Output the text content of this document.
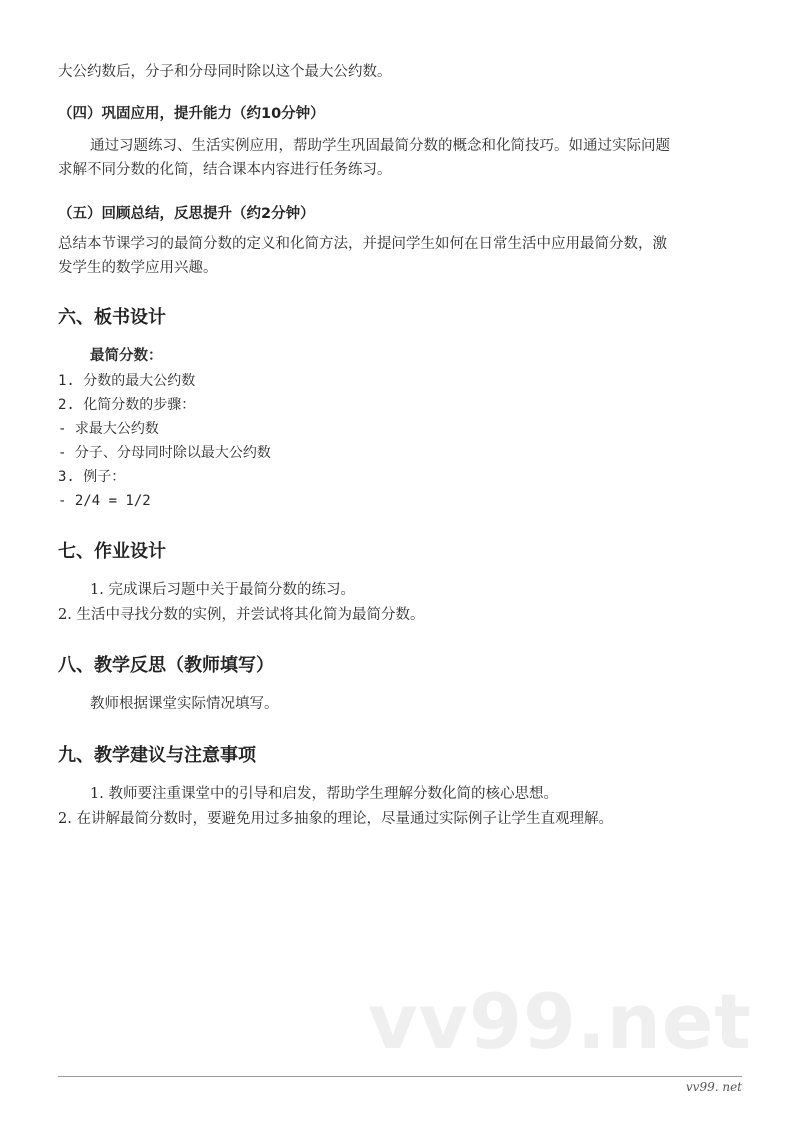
大公约数后，分子和分母同时除以这个最大公约数。
（四）巩固应用，提升能力（约10分钟）
通过习题练习、生活实例应用，帮助学生巩固最简分数的概念和化简技巧。如通过实际问题
求解不同分数的化简，结合课本内容进行任务练习。
（五）回顾总结，反思提升（约2分钟）
总结本节课学习的最简分数的定义和化简方法，并提问学生如何在日常生活中应用最简分数，激
发学生的数学应用兴趣。
六、板书设计
最简分数：
1. 分数的最大公约数
2. 化简分数的步骤：
- 求最大公约数
- 分子、分母同时除以最大公约数
3. 例子：
- 2/4 = 1/2
七、作业设计
1. 完成课后习题中关于最简分数的练习。
2. 生活中寻找分数的实例，并尝试将其化简为最简分数。
八、教学反思（教师填写）
教师根据课堂实际情况填写。
九、教学建议与注意事项
1. 教师要注重课堂中的引导和启发，帮助学生理解分数化简的核心思想。
2. 在讲解最简分数时，要避免用过多抽象的理论，尽量通过实际例子让学生直观理解。
vv99.net
vv99. net
